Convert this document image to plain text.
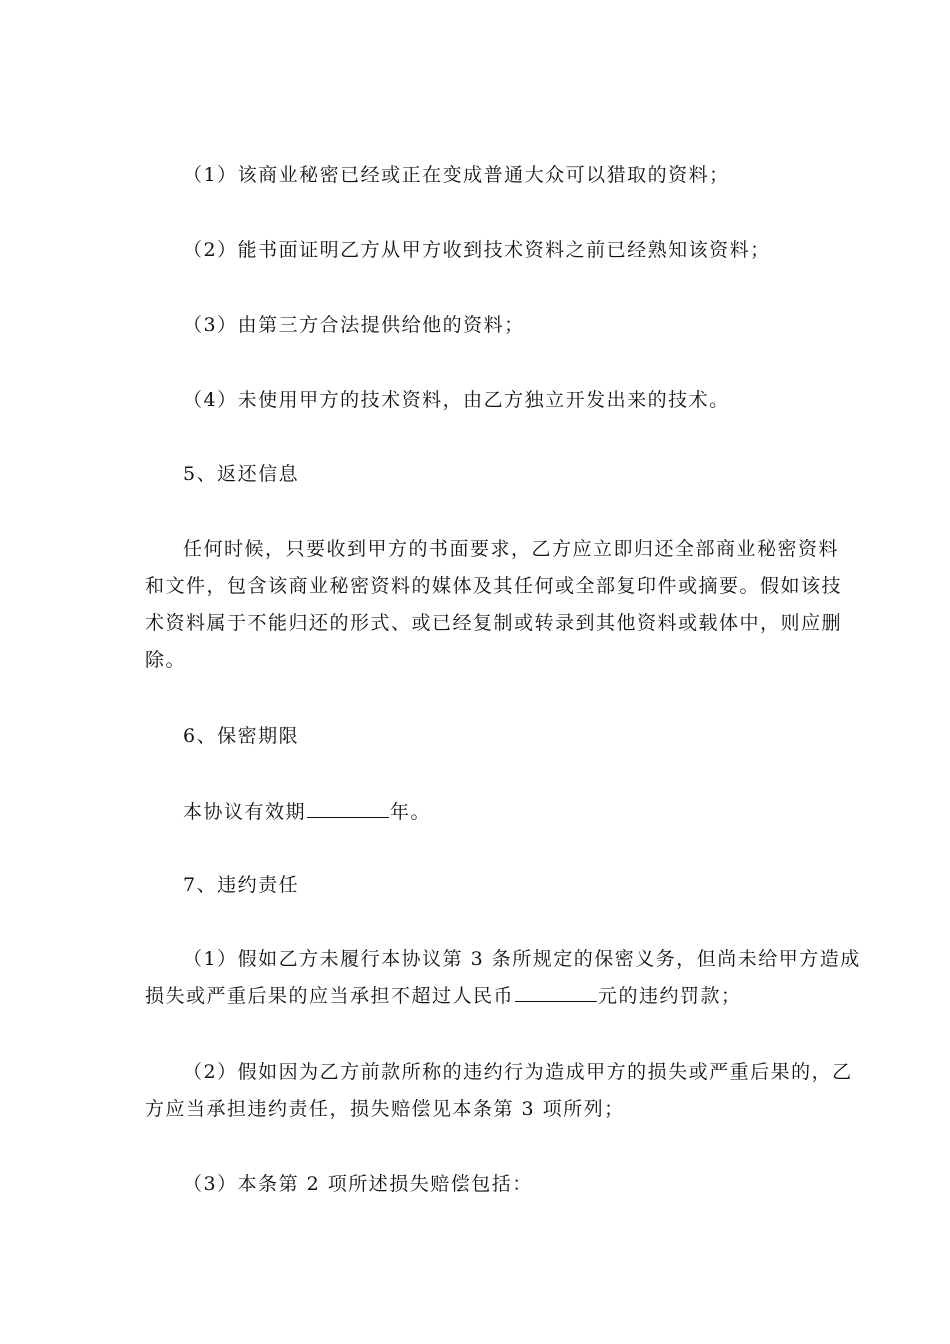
（1）该商业秘密已经或正在变成普通大众可以猎取的资料；

（2）能书面证明乙方从甲方收到技术资料之前已经熟知该资料；

（3）由第三方合法提供给他的资料；

（4）未使用甲方的技术资料，由乙方独立开发出来的技术。

5、返还信息

任何时候，只要收到甲方的书面要求，乙方应立即归还全部商业秘密资料
和文件，包含该商业秘密资料的媒体及其任何或全部复印件或摘要。假如该技
术资料属于不能归还的形式、或已经复制或转录到其他资料或载体中，则应删
除。

6、保密期限

本协议有效期	年。

7、违约责任

（1）假如乙方未履行本协议第 3 条所规定的保密义务，但尚未给甲方造成
损失或严重后果的应当承担不超过人民币	元的违约罚款；
（2）假如因为乙方前款所称的违约行为造成甲方的损失或严重后果的，乙
方应当承担违约责任，损失赔偿见本条第 3 项所列；

（3）本条第 2 项所述损失赔偿包括：
